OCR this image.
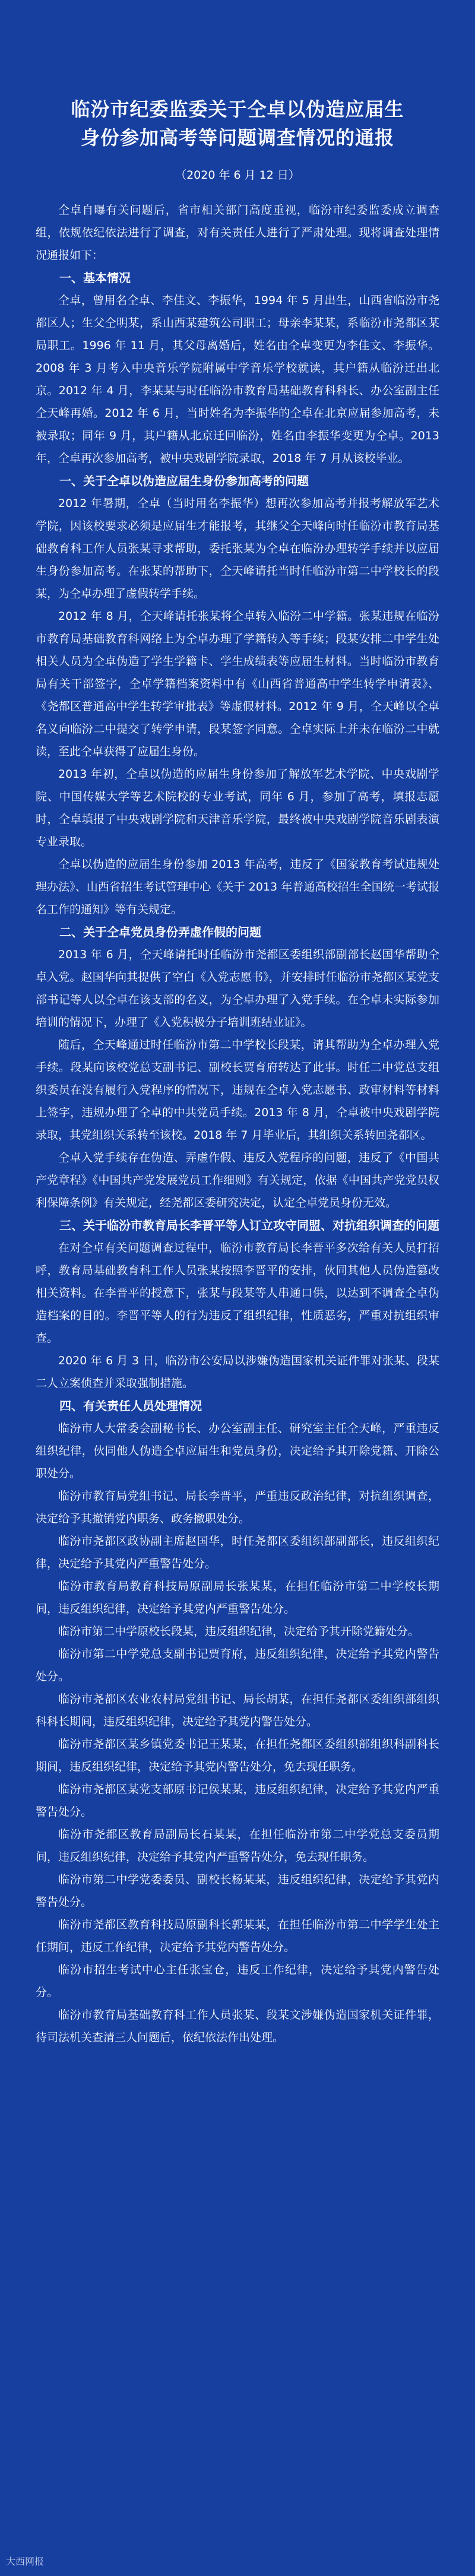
临汾市纪委监委关于仝卓以伪造应届生
身份参加高考等问题调查情况的通报
（2020 年 6 月 12 日）

仝卓自曝有关问题后，省市相关部门高度重视，临汾市纪委监委成立调查组，依规依纪依法进行了调查，对有关责任人进行了严肃处理。现将调查处理情况通报如下：

一、基本情况

仝卓，曾用名仝卓、李佳文、李振华，1994 年 5 月出生，山西省临汾市尧都区人；生父仝明某，系山西某建筑公司职工；母亲李某某，系临汾市尧都区某局职工。1996 年 11 月，其父母离婚后，姓名由仝卓变更为李佳文、李振华。2008 年 3 月考入中央音乐学院附属中学音乐学校就读，其户籍从临汾迁出北京。2012 年 4 月，李某某与时任临汾市教育局基础教育科科长、办公室副主任仝天峰再婚。2012 年 6 月，当时姓名为李振华的仝卓在北京应届参加高考，未被录取；同年 9 月，其户籍从北京迁回临汾，姓名由李振华变更为仝卓。2013 年，仝卓再次参加高考，被中央戏剧学院录取，2018 年 7 月从该校毕业。

一、关于仝卓以伪造应届生身份参加高考的问题

2012 年暑期，仝卓（当时用名李振华）想再次参加高考并报考解放军艺术学院，因该校要求必须是应届生才能报考，其继父仝天峰向时任临汾市教育局基础教育科工作人员张某寻求帮助，委托张某为仝卓在临汾办理转学手续并以应届生身份参加高考。在张某的帮助下，仝天峰请托当时任临汾市第二中学校长的段某，为仝卓办理了虚假转学手续。

2012 年 8 月，仝天峰请托张某将仝卓转入临汾二中学籍。张某违规在临汾市教育局基础教育科网络上为仝卓办理了学籍转入等手续；段某安排二中学生处相关人员为仝卓伪造了学生学籍卡、学生成绩表等应届生材料。当时临汾市教育局有关干部签字，仝卓学籍档案资料中有《山西省普通高中学生转学申请表》、《尧都区普通高中学生转学审批表》等虚假材料。2012 年 9 月，仝天峰以仝卓名义向临汾二中提交了转学申请，段某签字同意。仝卓实际上并未在临汾二中就读，至此仝卓获得了应届生身份。

2013 年初，仝卓以伪造的应届生身份参加了解放军艺术学院、中央戏剧学院、中国传媒大学等艺术院校的专业考试，同年 6 月，参加了高考，填报志愿时，仝卓填报了中央戏剧学院和天津音乐学院，最终被中央戏剧学院音乐剧表演专业录取。

仝卓以伪造的应届生身份参加 2013 年高考，违反了《国家教育考试违规处理办法》、山西省招生考试管理中心《关于 2013 年普通高校招生全国统一考试报名工作的通知》等有关规定。

二、关于仝卓党员身份弄虚作假的问题

2013 年 6 月，仝天峰请托时任临汾市尧都区委组织部副部长赵国华帮助仝卓入党。赵国华向其提供了空白《入党志愿书》，并安排时任临汾市尧都区某党支部书记等人以仝卓在该支部的名义，为仝卓办理了入党手续。在仝卓未实际参加培训的情况下，办理了《入党积极分子培训班结业证》。

随后，仝天峰通过时任临汾市第二中学校长段某，请其帮助为仝卓办理入党手续。段某向该校党总支副书记、副校长贾育府转达了此事。时任二中党总支组织委员在没有履行入党程序的情况下，违规在仝卓入党志愿书、政审材料等材料上签字，违规办理了仝卓的中共党员手续。2013 年 8 月，仝卓被中央戏剧学院录取，其党组织关系转至该校。2018 年 7 月毕业后，其组织关系转回尧都区。

仝卓入党手续存在伪造、弄虚作假、违反入党程序的问题，违反了《中国共产党章程》《中国共产党发展党员工作细则》有关规定，依据《中国共产党党员权利保障条例》有关规定，经尧都区委研究决定，认定仝卓党员身份无效。

三、关于临汾市教育局长李晋平等人订立攻守同盟、对抗组织调查的问题

在对仝卓有关问题调查过程中，临汾市教育局长李晋平多次给有关人员打招呼，教育局基础教育科工作人员张某按照李晋平的安排，伙同其他人员伪造篡改相关资料。在李晋平的授意下，张某与段某等人串通口供，以达到不调查仝卓伪造档案的目的。李晋平等人的行为违反了组织纪律，性质恶劣，严重对抗组织审查。

2020 年 6 月 3 日，临汾市公安局以涉嫌伪造国家机关证件罪对张某、段某二人立案侦查并采取强制措施。

四、有关责任人员处理情况

临汾市人大常委会副秘书长、办公室副主任、研究室主任仝天峰，严重违反组织纪律，伙同他人伪造仝卓应届生和党员身份，决定给予其开除党籍、开除公职处分。

临汾市教育局党组书记、局长李晋平，严重违反政治纪律，对抗组织调查，决定给予其撤销党内职务、政务撤职处分。

临汾市尧都区政协副主席赵国华，时任尧都区委组织部副部长，违反组织纪律，决定给予其党内严重警告处分。

临汾市教育局教育科技局原副局长张某某，在担任临汾市第二中学校长期间，违反组织纪律，决定给予其党内严重警告处分。

临汾市第二中学原校长段某，违反组织纪律，决定给予其开除党籍处分。

临汾市第二中学党总支副书记贾育府，违反组织纪律，决定给予其党内警告处分。

临汾市尧都区农业农村局党组书记、局长胡某，在担任尧都区委组织部组织科科长期间，违反组织纪律，决定给予其党内警告处分。

临汾市尧都区某乡镇党委书记王某某，在担任尧都区委组织部组织科副科长期间，违反组织纪律，决定给予其党内警告处分，免去现任职务。

临汾市尧都区某党支部原书记侯某某，违反组织纪律，决定给予其党内严重警告处分。

临汾市尧都区教育局副局长石某某，在担任临汾市第二中学党总支委员期间，违反组织纪律，决定给予其党内严重警告处分，免去现任职务。

临汾市第二中学党委委员、副校长杨某某，违反组织纪律，决定给予其党内警告处分。

临汾市尧都区教育科技局原副科长郭某某，在担任临汾市第二中学学生处主任期间，违反工作纪律，决定给予其党内警告处分。

临汾市招生考试中心主任张宝仓，违反工作纪律，决定给予其党内警告处分。

临汾市教育局基础教育科工作人员张某、段某文涉嫌伪造国家机关证件罪，待司法机关查清三人问题后，依纪依法作出处理。

大西网报
